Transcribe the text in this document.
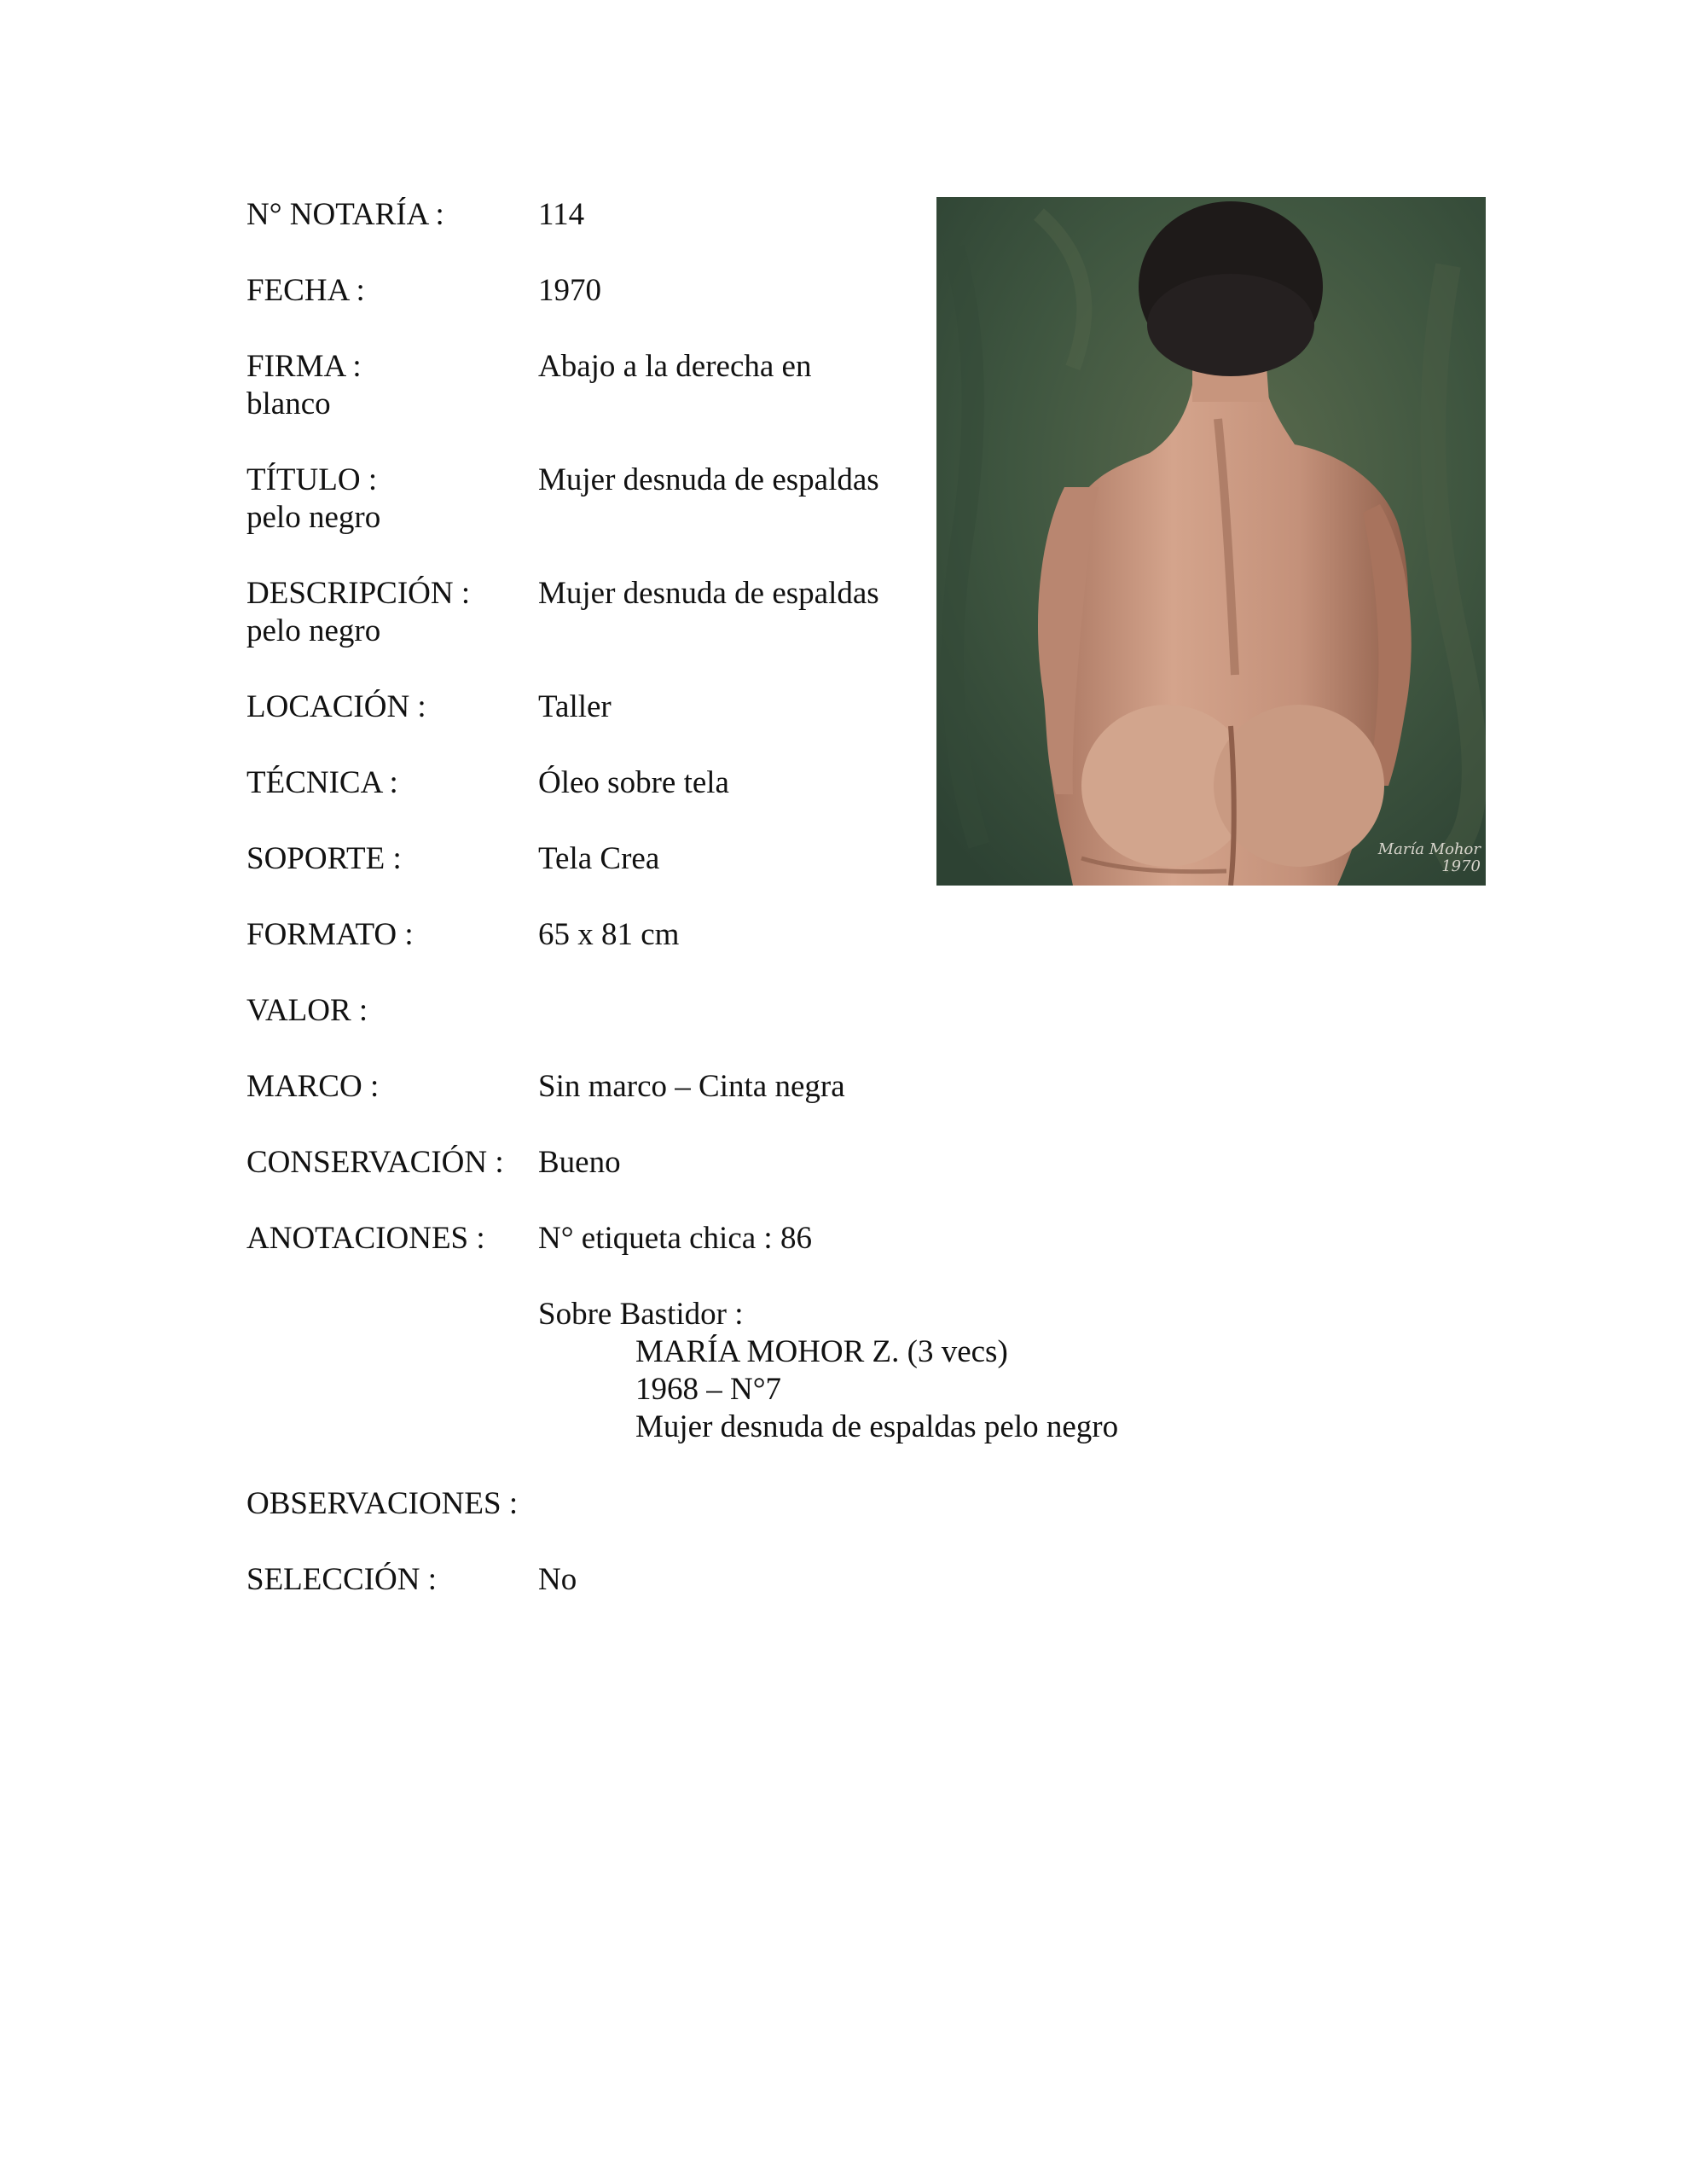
N° NOTARÍA :	114
FECHA :	1970
FIRMA :	Abajo a la derecha en
blanco
TÍTULO :	Mujer desnuda de espaldas
pelo negro
DESCRIPCIÓN : Mujer desnuda de espaldas
pelo negro
LOCACIÓN :	Taller
TÉCNICA :	Óleo sobre tela
SOPORTE :	Tela Crea
FORMATO :	65 x 81 cm
VALOR :
MARCO :	Sin marco – Cinta negra
CONSERVACIÓN : Bueno
ANOTACIONES : N° etiqueta chica : 86
Sobre Bastidor :
MARÍA MOHOR Z. (3 vecs)
1968 – N°7
Mujer desnuda de espaldas pelo negro
OBSERVACIONES :
SELECCIÓN :	No
María Mohor
1970
